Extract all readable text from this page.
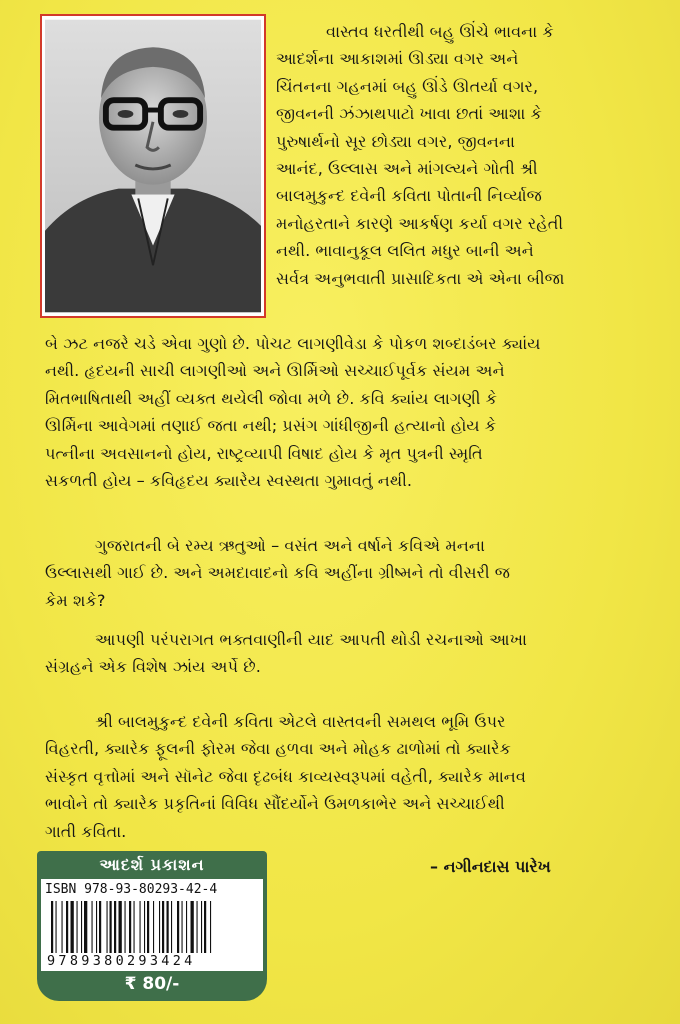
વાસ્તવ ધરતીથી બહુ ઊંચે ભાવના કે
આદર્શના આકાશમાં ઊડ્યા વગર અને
ચિંતનના ગહનમાં બહુ ઊંડે ઊતર્યા વગર,
જીવનની ઝંઝાથપાટો ખાવા છતાં આશા કે
પુરુષાર્થનો સૂર છોડ્યા વગર, જીવનના
આનંદ, ઉલ્લાસ અને માંગલ્યને ગોતી શ્રી
બાલમુકુન્દ દવેની કવિતા પોતાની નિર્વ્યાજ
મનોહરતાને કારણે આકર્ષણ કર્યા વગર રહેતી
નથી. ભાવાનુકૂલ લલિત મધુર બાની અને
સર્વત્ર અનુભવાતી પ્રાસાદિકતા એ એના બીજા
બે ઝટ નજરે ચડે એવા ગુણો છે. પોચટ લાગણીવેડા કે પોકળ શબ્દાડંબર ક્યાંય
નથી. હૃદયની સાચી લાગણીઓ અને ઊર્મિઓ સચ્ચાઈપૂર્વક સંયમ અને
મિતભાષિતાથી અહીં વ્યક્ત થયેલી જોવા મળે છે. કવિ ક્યાંય લાગણી કે
ઊર્મિના આવેગમાં તણાઈ જતા નથી; પ્રસંગ ગાંધીજીની હત્યાનો હોય કે
પત્નીના અવસાનનો હોય, રાષ્ટ્રવ્યાપી વિષાદ હોય કે મૃત પુત્રની સ્મૃતિ
સકળતી હોય – કવિહૃદય ક્યારેય સ્વસ્થતા ગુમાવતું નથી.
ગુજરાતની બે રમ્ય ઋતુઓ – વસંત અને વર્ષાને કવિએ મનના
ઉલ્લાસથી ગાઈ છે. અને અમદાવાદનો કવિ અહીંના ગ્રીષ્મને તો વીસરી જ
કેમ શકે?
આપણી પરંપરાગત ભક્તવાણીની યાદ આપતી થોડી રચનાઓ આખા
સંગ્રહને એક વિશેષ ઝાંય અર્પે છે.
શ્રી બાલમુકુન્દ દવેની કવિતા એટલે વાસ્તવની સમથલ ભૂમિ ઉપર
વિહરતી, ક્યારેક ફૂલની ફોરમ જેવા હળવા અને મોહક ઢાળોમાં તો ક્યારેક
સંસ્કૃત વૃત્તોમાં અને સૉનેટ જેવા દૃઢબંધ કાવ્યસ્વરૂપમાં વહેતી, ક્યારેક માનવ
ભાવોને તો ક્યારેક પ્રકૃતિનાં વિવિધ સૌંદર્યોને ઉમળકાભેર અને સચ્ચાઈથી
ગાતી કવિતા.
– નગીનદાસ પારેખ
આદર્શ પ્રકાશન
ISBN 978-93-80293-42-4
9789380293424
₹ 80/-
